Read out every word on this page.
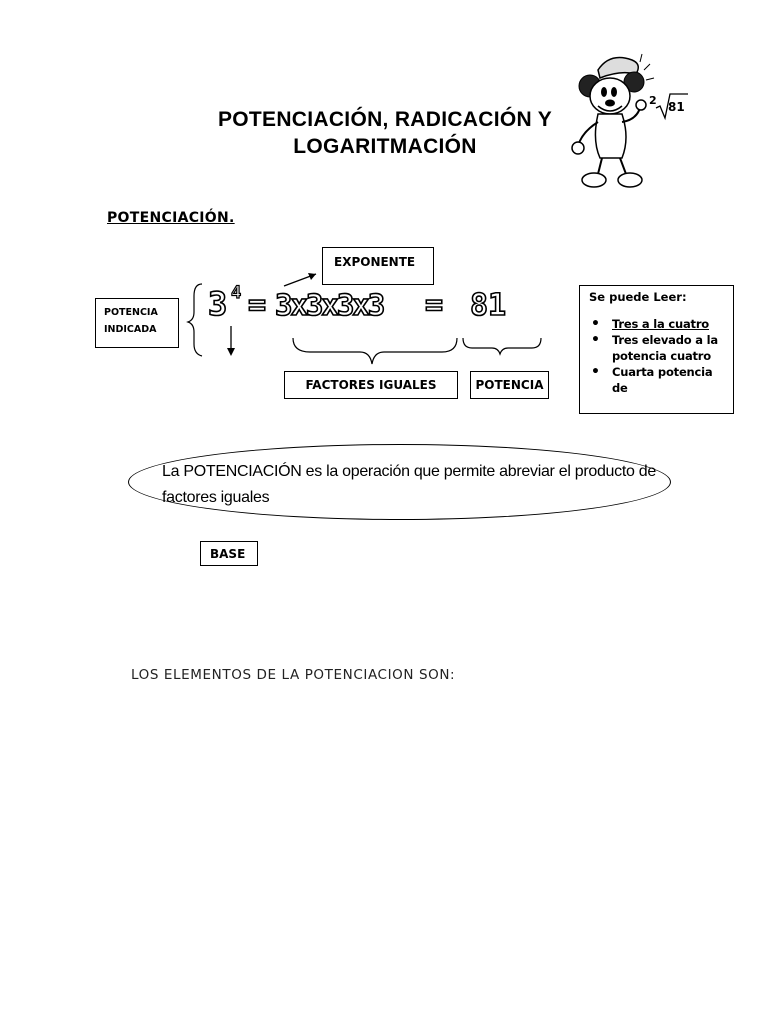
POTENCIACIÓN, RADICACIÓN Y
LOGARITMACIÓN
2 81
POTENCIACIÓN.
EXPONENTE
POTENCIA
INDICADA
3 4 = 3x3x3x3 = 81
FACTORES IGUALES	POTENCIA
Se puede Leer:
• Tres a la cuatro
• Tres elevado a la potencia cuatro
• Cuarta potencia de
La POTENCIACIÓN es la operación que permite abreviar el producto de factores iguales
BASE
LOS ELEMENTOS DE LA POTENCIACION SON:
